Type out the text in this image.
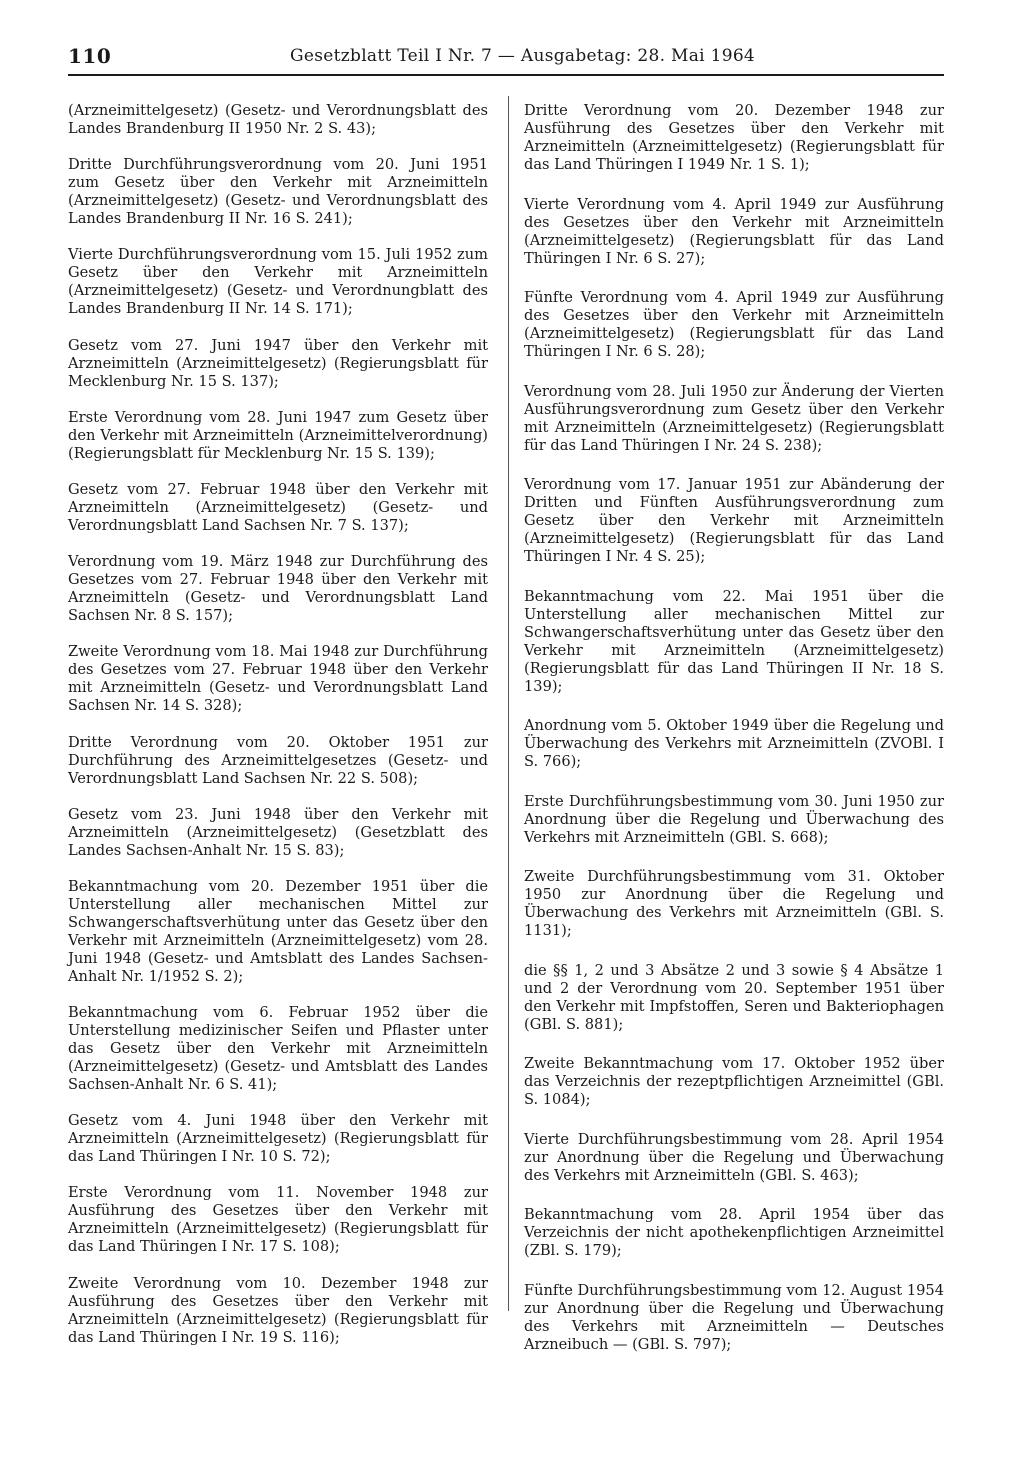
110	Gesetzblatt Teil I Nr. 7 — Ausgabetag: 28. Mai 1964

(Arzneimittelgesetz) (Gesetz- und Verordnungsblatt des Landes Brandenburg II 1950 Nr. 2 S. 43);

Dritte Durchführungsverordnung vom 20. Juni 1951 zum Gesetz über den Verkehr mit Arzneimitteln (Arzneimittelgesetz) (Gesetz- und Verordnungsblatt des Landes Brandenburg II Nr. 16 S. 241);

Vierte Durchführungsverordnung vom 15. Juli 1952 zum Gesetz über den Verkehr mit Arzneimitteln (Arzneimittelgesetz) (Gesetz- und Verordnungblatt des Landes Brandenburg II Nr. 14 S. 171);

Gesetz vom 27. Juni 1947 über den Verkehr mit Arzneimitteln (Arzneimittelgesetz) (Regierungsblatt für Mecklenburg Nr. 15 S. 137);

Erste Verordnung vom 28. Juni 1947 zum Gesetz über den Verkehr mit Arzneimitteln (Arzneimittelverordnung) (Regierungsblatt für Mecklenburg Nr. 15 S. 139);

Gesetz vom 27. Februar 1948 über den Verkehr mit Arzneimitteln (Arzneimittelgesetz) (Gesetz- und Verordnungsblatt Land Sachsen Nr. 7 S. 137);

Verordnung vom 19. März 1948 zur Durchführung des Gesetzes vom 27. Februar 1948 über den Verkehr mit Arzneimitteln (Gesetz- und Verordnungsblatt Land Sachsen Nr. 8 S. 157);

Zweite Verordnung vom 18. Mai 1948 zur Durchführung des Gesetzes vom 27. Februar 1948 über den Verkehr mit Arzneimitteln (Gesetz- und Verordnungsblatt Land Sachsen Nr. 14 S. 328);

Dritte Verordnung vom 20. Oktober 1951 zur Durchführung des Arzneimittelgesetzes (Gesetz- und Verordnungsblatt Land Sachsen Nr. 22 S. 508);

Gesetz vom 23. Juni 1948 über den Verkehr mit Arzneimitteln (Arzneimittelgesetz) (Gesetzblatt des Landes Sachsen-Anhalt Nr. 15 S. 83);

Bekanntmachung vom 20. Dezember 1951 über die Unterstellung aller mechanischen Mittel zur Schwangerschaftsverhütung unter das Gesetz über den Verkehr mit Arzneimitteln (Arzneimittelgesetz) vom 28. Juni 1948 (Gesetz- und Amtsblatt des Landes Sachsen-Anhalt Nr. 1/1952 S. 2);

Bekanntmachung vom 6. Februar 1952 über die Unterstellung medizinischer Seifen und Pflaster unter das Gesetz über den Verkehr mit Arzneimitteln (Arzneimittelgesetz) (Gesetz- und Amtsblatt des Landes Sachsen-Anhalt Nr. 6 S. 41);

Gesetz vom 4. Juni 1948 über den Verkehr mit Arzneimitteln (Arzneimittelgesetz) (Regierungsblatt für das Land Thüringen I Nr. 10 S. 72);

Erste Verordnung vom 11. November 1948 zur Ausführung des Gesetzes über den Verkehr mit Arzneimitteln (Arzneimittelgesetz) (Regierungsblatt für das Land Thüringen I Nr. 17 S. 108);

Zweite Verordnung vom 10. Dezember 1948 zur Ausführung des Gesetzes über den Verkehr mit Arzneimitteln (Arzneimittelgesetz) (Regierungsblatt für das Land Thüringen I Nr. 19 S. 116);

Dritte Verordnung vom 20. Dezember 1948 zur Ausführung des Gesetzes über den Verkehr mit Arzneimitteln (Arzneimittelgesetz) (Regierungsblatt für das Land Thüringen I 1949 Nr. 1 S. 1);

Vierte Verordnung vom 4. April 1949 zur Ausführung des Gesetzes über den Verkehr mit Arzneimitteln (Arzneimittelgesetz) (Regierungsblatt für das Land Thüringen I Nr. 6 S. 27);

Fünfte Verordnung vom 4. April 1949 zur Ausführung des Gesetzes über den Verkehr mit Arzneimitteln (Arzneimittelgesetz) (Regierungsblatt für das Land Thüringen I Nr. 6 S. 28);

Verordnung vom 28. Juli 1950 zur Änderung der Vierten Ausführungsverordnung zum Gesetz über den Verkehr mit Arzneimitteln (Arzneimittelgesetz) (Regierungsblatt für das Land Thüringen I Nr. 24 S. 238);

Verordnung vom 17. Januar 1951 zur Abänderung der Dritten und Fünften Ausführungsverordnung zum Gesetz über den Verkehr mit Arzneimitteln (Arzneimittelgesetz) (Regierungsblatt für das Land Thüringen I Nr. 4 S. 25);

Bekanntmachung vom 22. Mai 1951 über die Unterstellung aller mechanischen Mittel zur Schwangerschaftsverhütung unter das Gesetz über den Verkehr mit Arzneimitteln (Arzneimittelgesetz) (Regierungsblatt für das Land Thüringen II Nr. 18 S. 139);

Anordnung vom 5. Oktober 1949 über die Regelung und Überwachung des Verkehrs mit Arzneimitteln (ZVOBl. I S. 766);

Erste Durchführungsbestimmung vom 30. Juni 1950 zur Anordnung über die Regelung und Überwachung des Verkehrs mit Arzneimitteln (GBl. S. 668);

Zweite Durchführungsbestimmung vom 31. Oktober 1950 zur Anordnung über die Regelung und Überwachung des Verkehrs mit Arzneimitteln (GBl. S. 1131);

die §§ 1, 2 und 3 Absätze 2 und 3 sowie § 4 Absätze 1 und 2 der Verordnung vom 20. September 1951 über den Verkehr mit Impfstoffen, Seren und Bakteriophagen (GBl. S. 881);

Zweite Bekanntmachung vom 17. Oktober 1952 über das Verzeichnis der rezeptpflichtigen Arzneimittel (GBl. S. 1084);

Vierte Durchführungsbestimmung vom 28. April 1954 zur Anordnung über die Regelung und Überwachung des Verkehrs mit Arzneimitteln (GBl. S. 463);

Bekanntmachung vom 28. April 1954 über das Verzeichnis der nicht apothekenpflichtigen Arzneimittel (ZBl. S. 179);

Fünfte Durchführungsbestimmung vom 12. August 1954 zur Anordnung über die Regelung und Überwachung des Verkehrs mit Arzneimitteln — Deutsches Arzneibuch — (GBl. S. 797);
